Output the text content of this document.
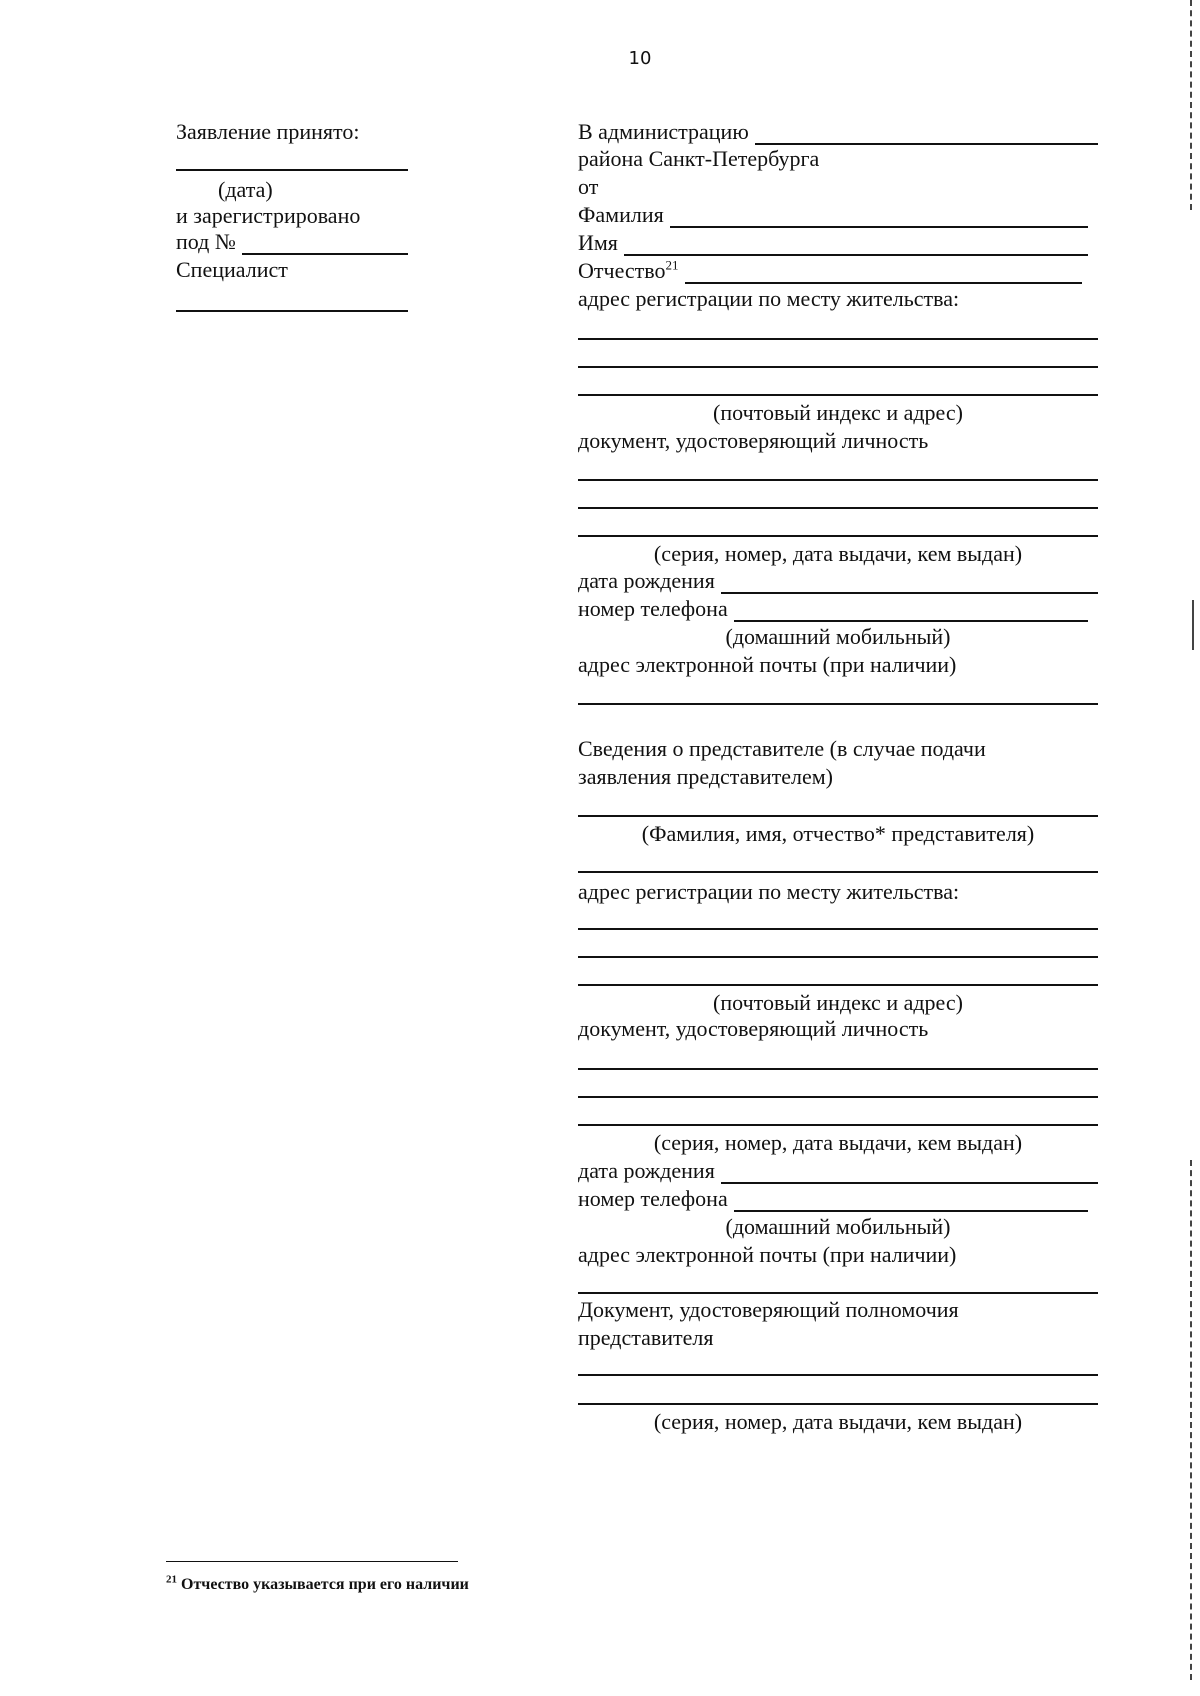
10
Заявление принято:
(дата)
и зарегистрировано
под №
Специалист
В администрацию
района Санкт-Петербурга
от
Фамилия
Имя
Отчество$^{21}$
адрес регистрации по месту жительства:
(почтовый индекс и адрес)
документ, удостоверяющий личность
(серия, номер, дата выдачи, кем выдан)
дата рождения
номер телефона
(домашний мобильный)
адрес электронной почты (при наличии)
Сведения о представителе (в случае подачи
заявления представителем)
(Фамилия, имя, отчество* представителя)
адрес регистрации по месту жительства:
(почтовый индекс и адрес)
документ, удостоверяющий личность
(серия, номер, дата выдачи, кем выдан)
дата рождения
номер телефона
(домашний мобильный)
адрес электронной почты (при наличии)
Документ, удостоверяющий полномочия
представителя
(серия, номер, дата выдачи, кем выдан)
$^{21}$ Отчество указывается при его наличии
